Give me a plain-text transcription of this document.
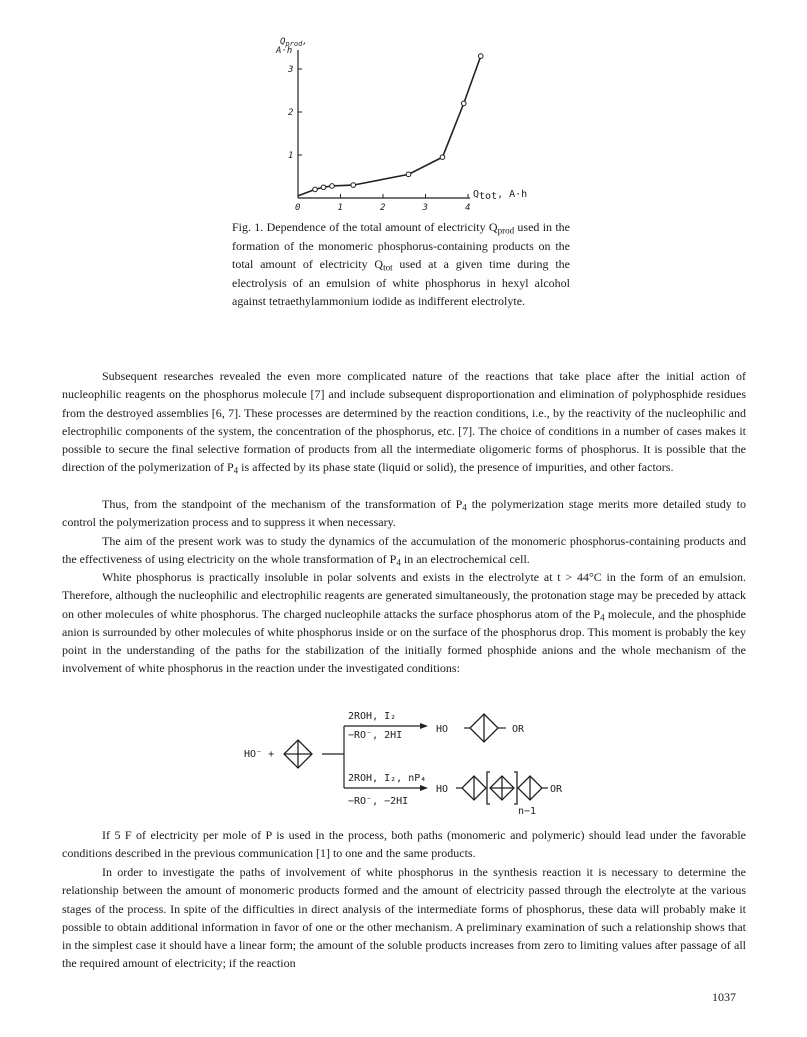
$Q_{prod}$,
A·h
0	1	2	3	4
1
2
3
Qtot, A·h
Fig. 1. Dependence of the total amount of electricity $Q_{prod}$ used in the formation of the monomeric phosphorus-containing products on the total amount of electricity $Q_{tot}$ used at a given time during the electrolysis of an emulsion of white phosphorus in hexyl alcohol against tetraethylammonium iodide as indifferent electrolyte.

Subsequent researches revealed the even more complicated nature of the reactions that take place after the initial action of nucleophilic reagents on the phosphorus molecule [7] and include subsequent disproportionation and elimination of polyphosphide residues from the destroyed assemblies [6, 7]. These processes are determined by the reaction conditions, i.e., by the reactivity of the nucleophilic and electrophilic components of the system, the concentration of the phosphorus, etc. [7]. The choice of conditions in a number of cases makes it possible to secure the final selective formation of products from all the intermediate oligomeric forms of phosphorus. It is possible that the direction of the polymerization of $P_4$ is affected by its phase state (liquid or solid), the presence of impurities, and other factors.

Thus, from the standpoint of the mechanism of the transformation of $P_4$ the polymerization stage merits more detailed study to control the polymerization process and to suppress it when necessary.

The aim of the present work was to study the dynamics of the accumulation of the monomeric phosphorus-containing products and the effectiveness of using electricity on the whole transformation of $P_4$ in an electrochemical cell.

White phosphorus is practically insoluble in polar solvents and exists in the electrolyte at t > 44°C in the form of an emulsion. Therefore, although the nucleophilic and electrophilic reagents are generated simultaneously, the protonation stage may be preceded by attack on other molecules of white phosphorus. The charged nucleophile attacks the surface phosphorus atom of the $P_4$ molecule, and the phosphide anion is surrounded by other molecules of white phosphorus inside or on the surface of the phosphorus drop. This moment is probably the key point in the understanding of the paths for the stabilization of the initially formed phosphide anions and the whole mechanism of the involvement of white phosphorus in the reaction under the investigated conditions:

HO⁻ +
2ROH, I₂
−RO⁻, 2HI
HO	OR
2ROH, I₂, nP₄
−RO⁻, −2HI
HO	OR
n−1

If 5 F of electricity per mole of P is used in the process, both paths (monomeric and polymeric) should lead under the favorable conditions described in the previous communication [1] to one and the same products.

In order to investigate the paths of involvement of white phosphorus in the synthesis reaction it is necessary to determine the relationship between the amount of monomeric products formed and the amount of electricity passed through the electrolyte at the various stages of the process. In spite of the difficulties in direct analysis of the intermediate forms of phosphorus, these data will probably make it possible to obtain additional information in favor of one or the other mechanism. A preliminary examination of such a relationship shows that in the simplest case it should have a linear form; the amount of the soluble products increases from zero to limiting values after passage of all the required amount of electricity; if the reaction

1037
